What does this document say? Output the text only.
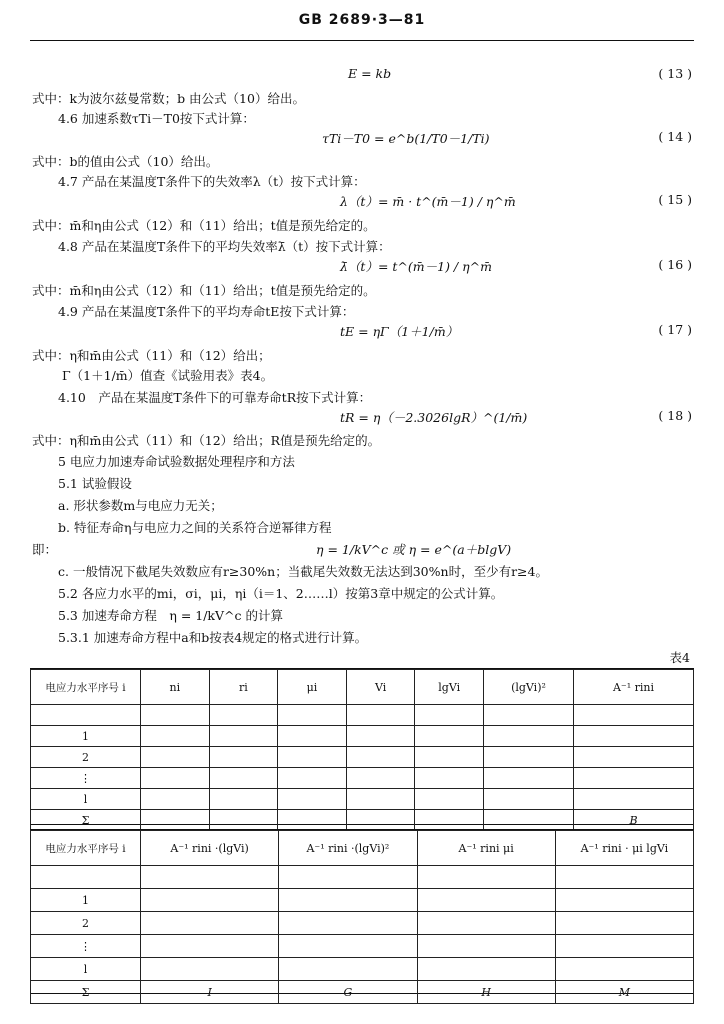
GB 2689·3—81
E = kb	( 13 )
式中：k为波尔兹曼常数；b 由公式（10）给出。
4.6 加速系数τTi－T0按下式计算：
τTi－T0 = e^b(1/T0－1/Ti)	( 14 )
式中：b的值由公式（10）给出。
4.7 产品在某温度T条件下的失效率λ（t）按下式计算：
λ（t）= m̄ · t^(m̄－1) / η^m̄	( 15 )
式中：m̄和η由公式（12）和（11）给出；t值是预先给定的。
4.8 产品在某温度T条件下的平均失效率λ̄（t）按下式计算：
λ̄（t）= t^(m̄－1) / η^m̄	( 16 )
式中：m̄和η由公式（12）和（11）给出；t值是预先给定的。
4.9 产品在某温度T条件下的平均寿命tE按下式计算：
tE = ηΓ（1＋1/m̄）	( 17 )
式中：η和m̄由公式（11）和（12）给出；
Γ（1＋1/m̄）值查《试验用表》表4。
4.10　产品在某温度T条件下的可靠寿命tR按下式计算：
tR = η（－2.3026lgR）^(1/m̄)	( 18 )
式中：η和m̄由公式（11）和（12）给出；R值是预先给定的。
5 电应力加速寿命试验数据处理程序和方法
5.1 试验假设
a. 形状参数m与电应力无关；
b. 特征寿命η与电应力之间的关系符合逆幂律方程
即：	η = 1/kV^c 或 η = e^(a＋blgV)
c. 一般情况下截尾失效数应有r≥30%n；当截尾失效数无法达到30%n时，至少有r≥4。
5.2 各应力水平的mi，σi，μi，ηi（i＝1、2……l）按第3章中规定的公式计算。
5.3 加速寿命方程　η = 1/kV^c 的计算
5.3.1 加速寿命方程中a和b按表4规定的格式进行计算。
表4
电应力水平序号 i	ni	ri	μi	Vi	lgVi	(lgVi)²	A⁻¹ rini

1							
2							
⋮							
l							
Σ							B
电应力水平序号 i	A⁻¹ rini ·(lgVi)	A⁻¹ rini ·(lgVi)²	A⁻¹ rini μi	A⁻¹ rini · μi lgVi

1				
2				
⋮				
l				
Σ	I	G	H	M
